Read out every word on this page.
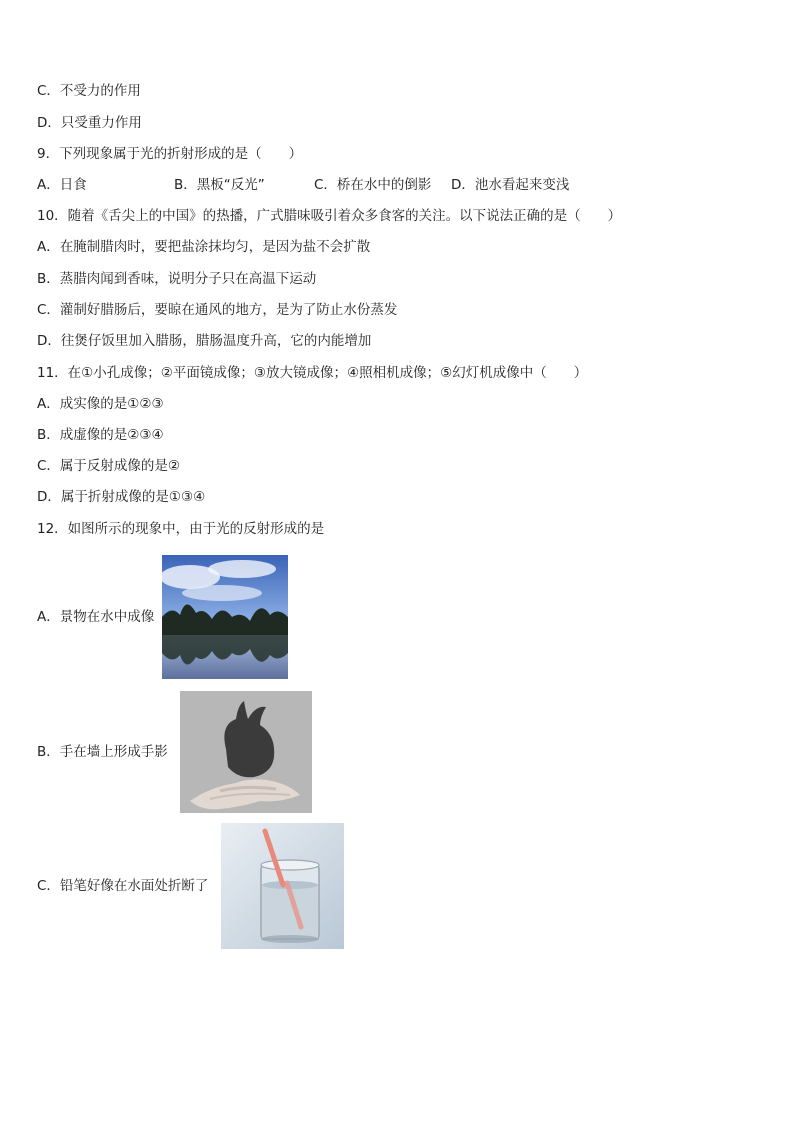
C．不受力的作用
D．只受重力作用
9．下列现象属于光的折射形成的是（　　）
A．日食	B．黑板“反光”	C．桥在水中的倒影 D．池水看起来变浅
10．随着《舌尖上的中国》的热播，广式腊味吸引着众多食客的关注。以下说法正确的是（　　）
A．在腌制腊肉时，要把盐涂抹均匀，是因为盐不会扩散
B．蒸腊肉闻到香味，说明分子只在高温下运动
C．灌制好腊肠后，要晾在通风的地方，是为了防止水份蒸发
D．往煲仔饭里加入腊肠，腊肠温度升高，它的内能增加
11．在①小孔成像；②平面镜成像；③放大镜成像；④照相机成像；⑤幻灯机成像中（　　）
A．成实像的是①②③
B．成虚像的是②③④
C．属于反射成像的是②
D．属于折射成像的是①③④
12．如图所示的现象中，由于光的反射形成的是
A．景物在水中成像
B．手在墙上形成手影
C．铅笔好像在水面处折断了
